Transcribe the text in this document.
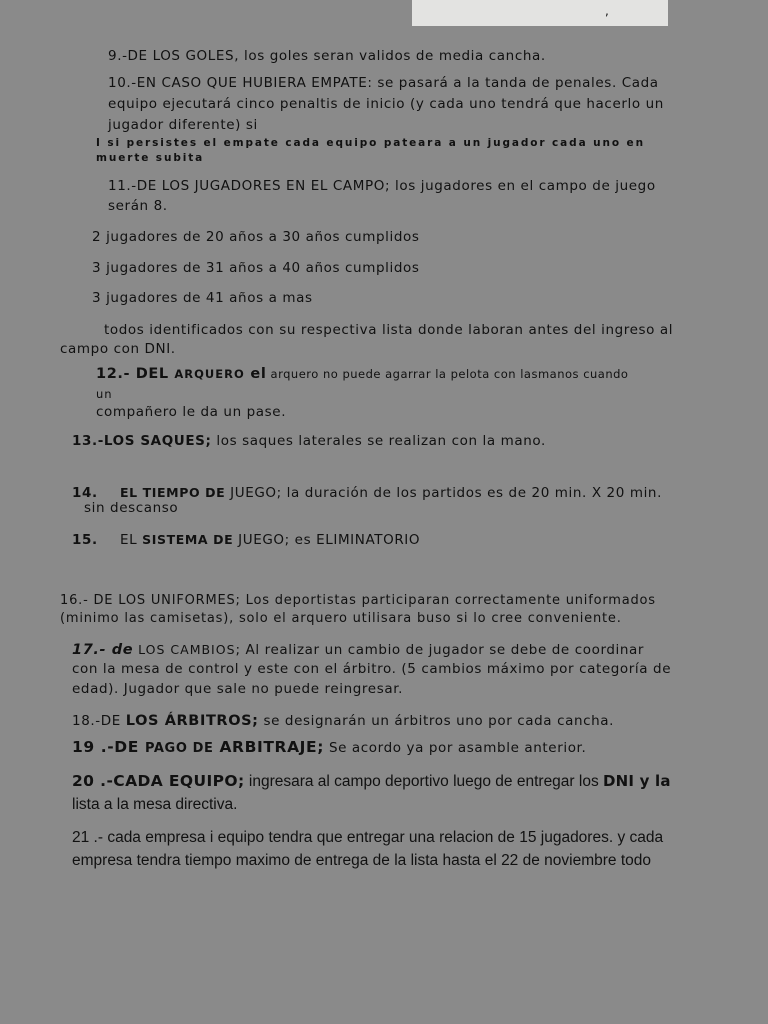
,
9.-DE LOS GOLES, los goles seran validos de media cancha.
10.-EN CASO QUE HUBIERA EMPATE: se pasará a la tanda de penales. Cada
equipo ejecutará cinco penaltis de inicio (y cada uno tendrá que hacerlo un
jugador diferente) si
I si persistes el empate cada equipo pateara a un jugador cada uno en
muerte subita
11.-DE LOS JUGADORES EN EL CAMPO; los jugadores en el campo de juego
serán 8.
2 jugadores de 20 años a 30 años cumplidos
3 jugadores de 31 años a 40 años cumplidos
3 jugadores de 41 años a mas
todos identificados con su respectiva lista donde laboran antes del ingreso al
campo con DNI.
12.- DEL ARQUERO el arquero no puede agarrar la pelota con lasmanos cuando
un
compañero le da un pase.
13.-LOS SAQUES; los saques laterales se realizan con la mano.
14. EL TIEMPO DE JUEGO; la duración de los partidos es de 20 min. X 20 min.
sin descanso
15. EL SISTEMA DE JUEGO; es ELIMINATORIO
16.- DE LOS UNIFORMES; Los deportistas participaran correctamente uniformados
(minimo las camisetas), solo el arquero utilisara buso si lo cree conveniente.
17.- de LOS CAMBIOS; Al realizar un cambio de jugador se debe de coordinar
con la mesa de control y este con el árbitro. (5 cambios máximo por categoría de
edad). Jugador que sale no puede reingresar.
18.-DE LOS ÁRBITROS; se designarán un árbitros uno por cada cancha.
19 .-DE PAGO DE ARBITRAJE; Se acordo ya por asamble anterior.
20 .-CADA EQUIPO; ingresara al campo deportivo luego de entregar los DNI y la
lista a la mesa directiva.
21 .- cada empresa i equipo tendra que entregar una relacion de 15 jugadores. y cada
empresa tendra tiempo maximo de entrega de la lista hasta el 22 de noviembre todo
